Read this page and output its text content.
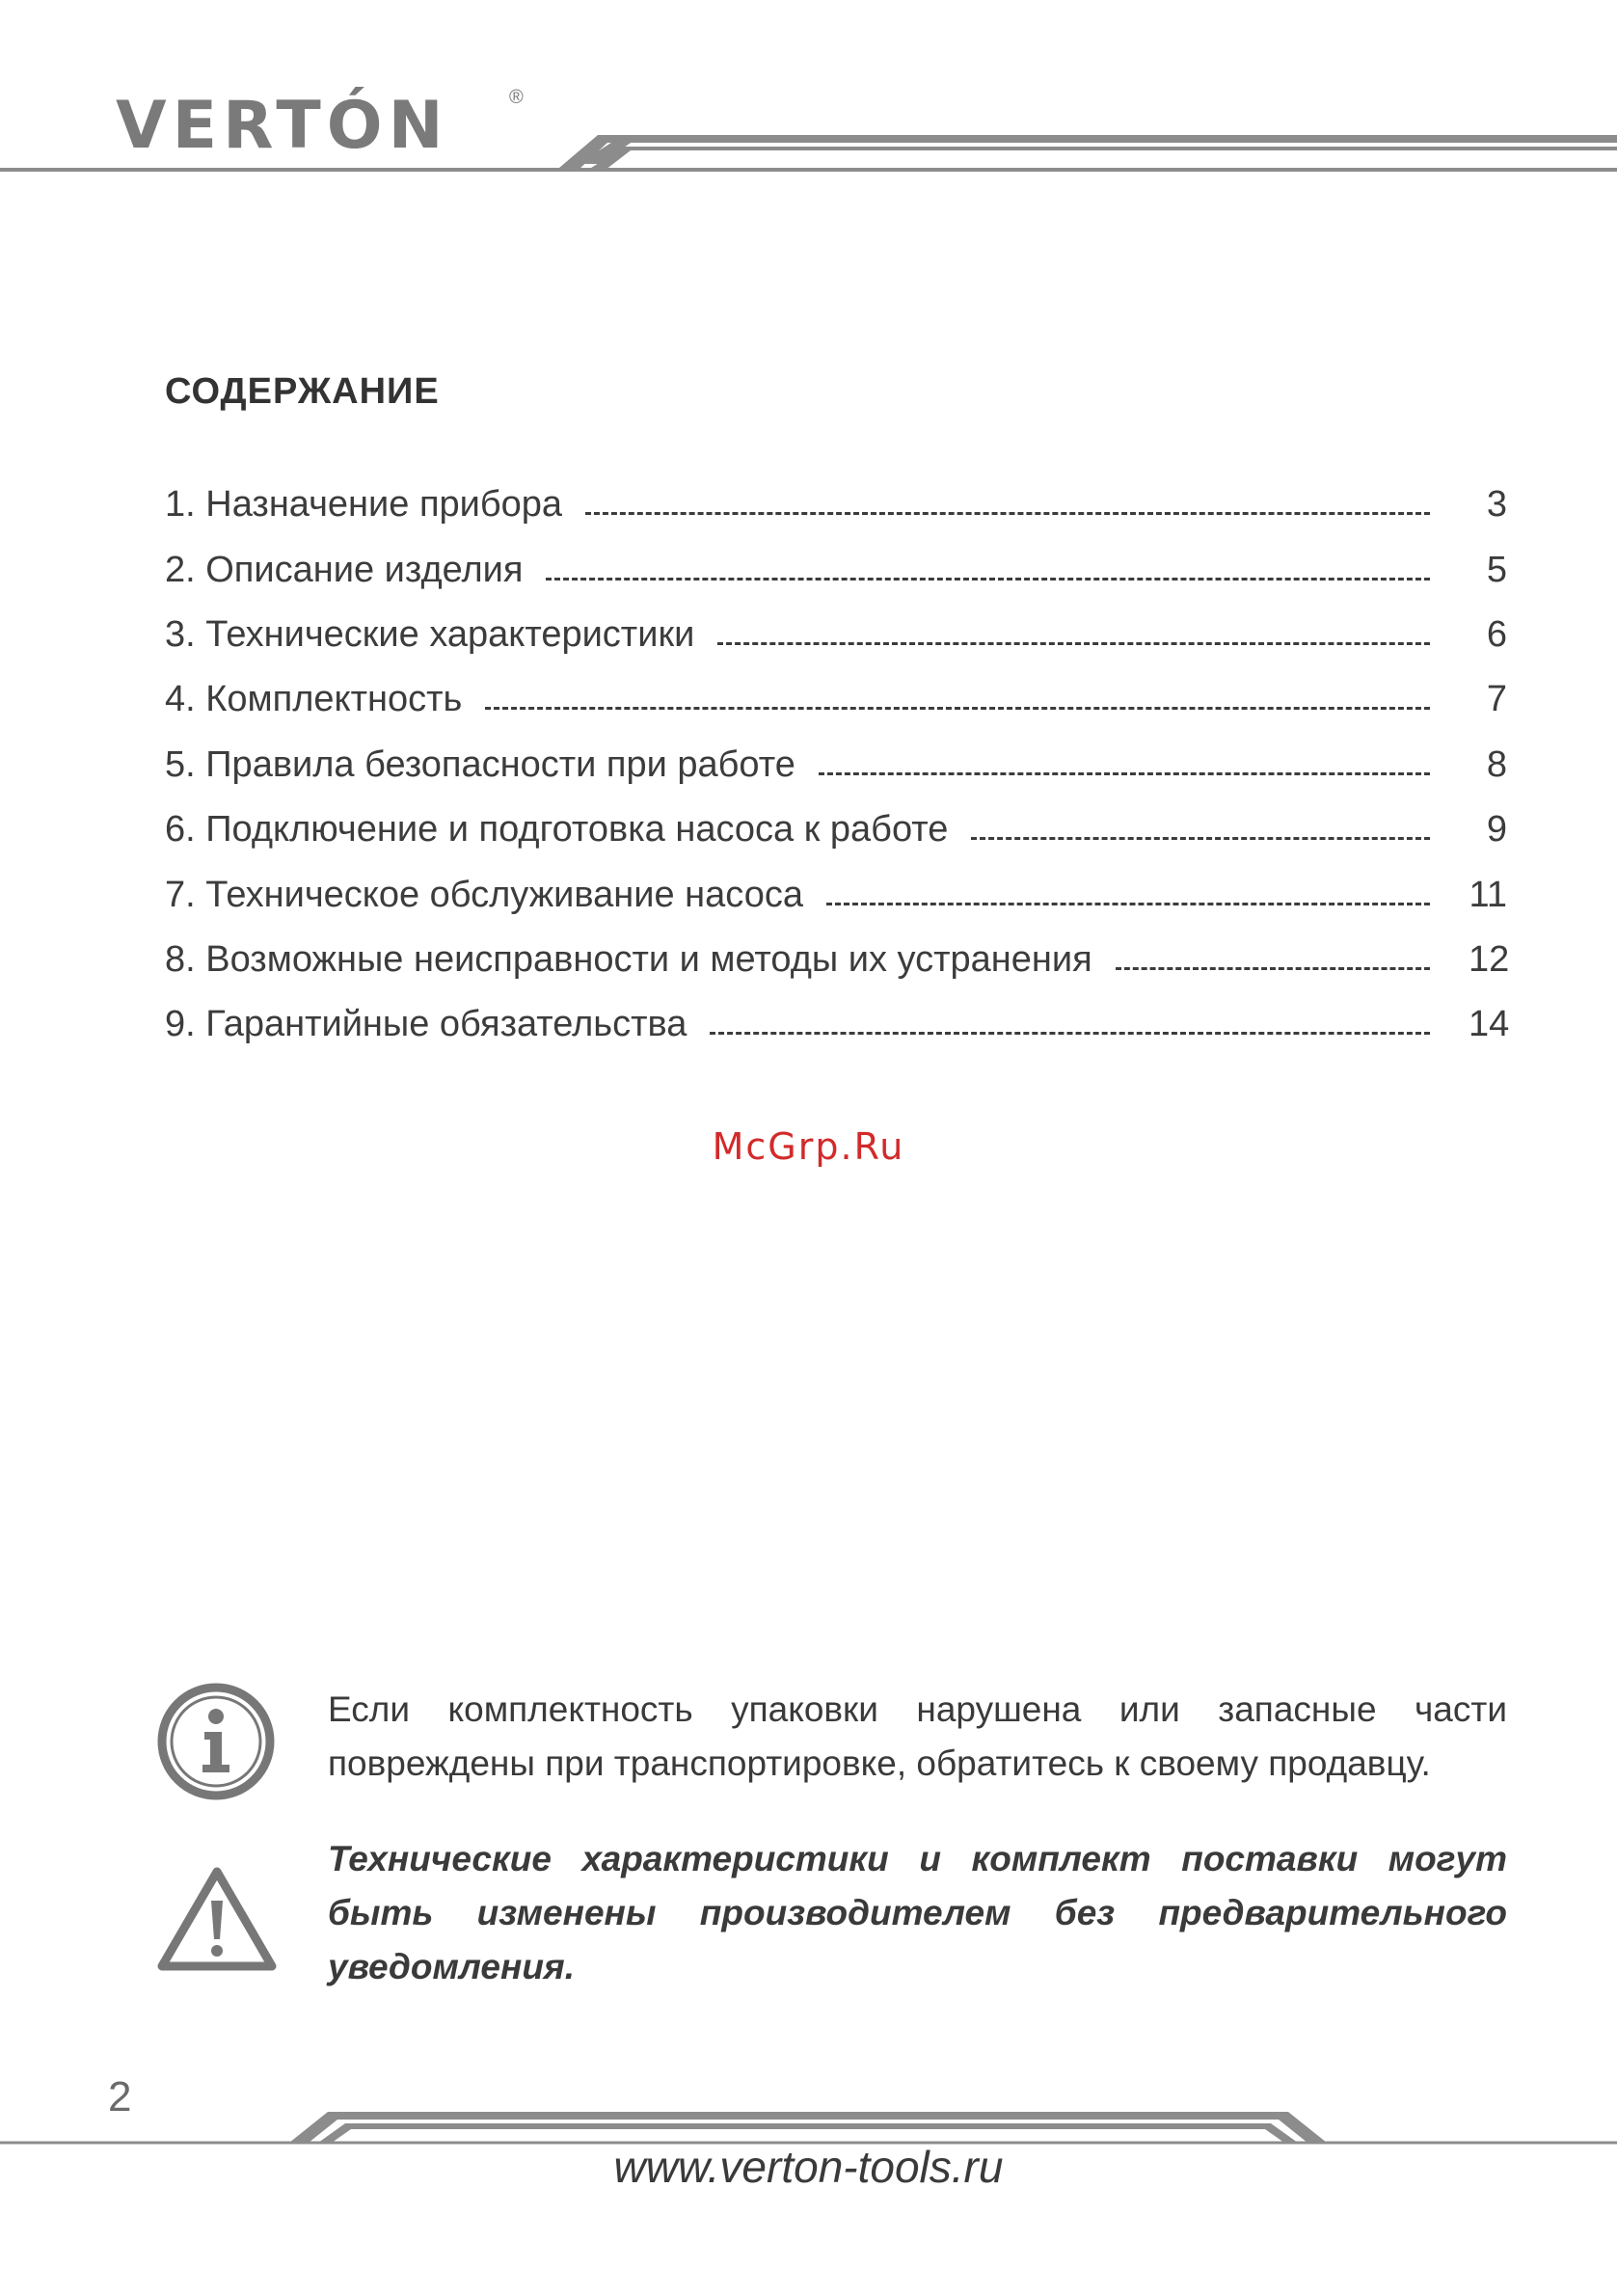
VERTÓN	®
СОДЕРЖАНИЕ
1. Назначение прибора	3
2. Описание изделия	5
3. Технические характеристики	6
4. Комплектность	7
5. Правила безопасности при работе	8
6. Подключение и подготовка насоса к работе	9
7. Техническое обслуживание насоса	11
8. Возможные неисправности и методы их устранения	12
9. Гарантийные обязательства	14
McGrp.Ru
Если комплектность упаковки нарушена или запасные части повреждены при транспортировке, обратитесь к своему продавцу.
Технические характеристики и комплект поставки могут быть изменены производителем без предварительного уведомления.
2
www.verton-tools.ru
